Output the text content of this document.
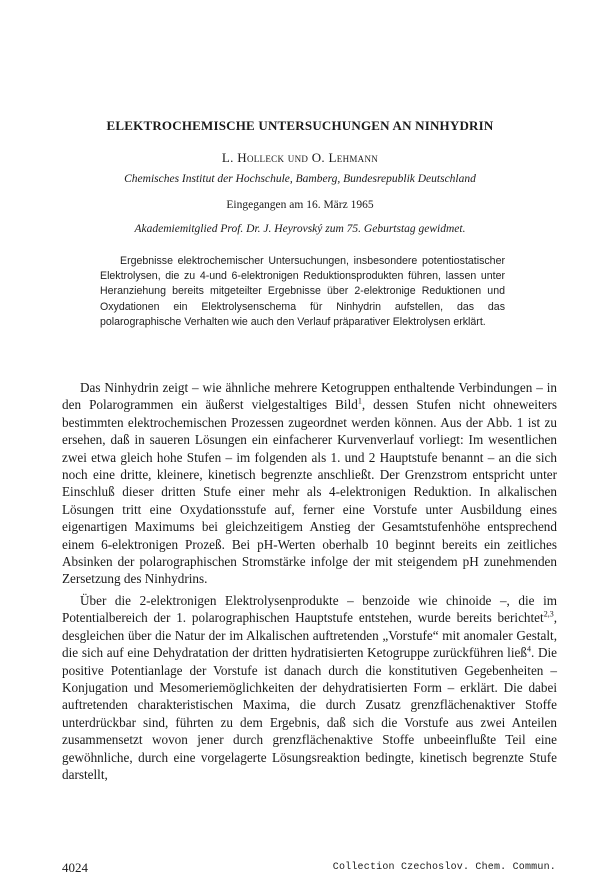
ELEKTROCHEMISCHE UNTERSUCHUNGEN AN NINHYDRIN
L. Holleck und O. Lehmann
Chemisches Institut der Hochschule, Bamberg, Bundesrepublik Deutschland
Eingegangen am 16. März 1965
Akademiemitglied Prof. Dr. J. Heyrovský zum 75. Geburtstag gewidmet.
Ergebnisse elektrochemischer Untersuchungen, insbesondere potentiostatischer Elektrolysen, die zu 4-und 6-elektronigen Reduktionsprodukten führen, lassen unter Heranziehung bereits mitgeteilter Ergebnisse über 2-elektronige Reduktionen und Oxydationen ein Elektrolysenschema für Ninhydrin aufstellen, das das polarographische Verhalten wie auch den Verlauf präparativer Elektrolysen erklärt.

Das Ninhydrin zeigt – wie ähnliche mehrere Ketogruppen enthaltende Verbindungen – in den Polarogrammen ein äußerst vielgestaltiges Bild$^1$, dessen Stufen nicht ohneweiters bestimmten elektrochemischen Prozessen zugeordnet werden können. Aus der Abb. 1 ist zu ersehen, daß in saueren Lösungen ein einfacherer Kurvenverlauf vorliegt: Im wesentlichen zwei etwa gleich hohe Stufen – im folgenden als 1. und 2 Hauptstufe benannt – an die sich noch eine dritte, kleinere, kinetisch begrenzte anschließt. Der Grenzstrom entspricht unter Einschluß dieser dritten Stufe einer mehr als 4-elektronigen Reduktion. In alkalischen Lösungen tritt eine Oxydationsstufe auf, ferner eine Vorstufe unter Ausbildung eines eigenartigen Maximums bei gleichzeitigem Anstieg der Gesamtstufenhöhe entsprechend einem 6-elektronigen Prozeß. Bei pH-Werten oberhalb 10 beginnt bereits ein zeitliches Absinken der polarographischen Stromstärke infolge der mit steigendem pH zunehmenden Zersetzung des Ninhydrins.

Über die 2-elektronigen Elektrolysenprodukte – benzoide wie chinoide –, die im Potentialbereich der 1. polarographischen Hauptstufe entstehen, wurde bereits berichtet$^{2,3}$, desgleichen über die Natur der im Alkalischen auftretenden „Vorstufe“ mit anomaler Gestalt, die sich auf eine Dehydratation der dritten hydratisierten Ketogruppe zurückführen ließ$^4$. Die positive Potentianlage der Vorstufe ist danach durch die konstitutiven Gegebenheiten – Konjugation und Mesomeriemöglichkeiten der dehydratisierten Form – erklärt. Die dabei auftretenden charakteristischen Maxima, die durch Zusatz grenzflächenaktiver Stoffe unterdrückbar sind, führten zu dem Ergebnis, daß sich die Vorstufe aus zwei Anteilen zusammensetzt wovon jener durch grenzflächenaktive Stoffe unbeeinflußte Teil eine gewöhnliche, durch eine vorgelagerte Lösungsreaktion bedingte, kinetisch begrenzte Stufe darstellt,

4024	Collection Czechoslov. Chem. Commun.
